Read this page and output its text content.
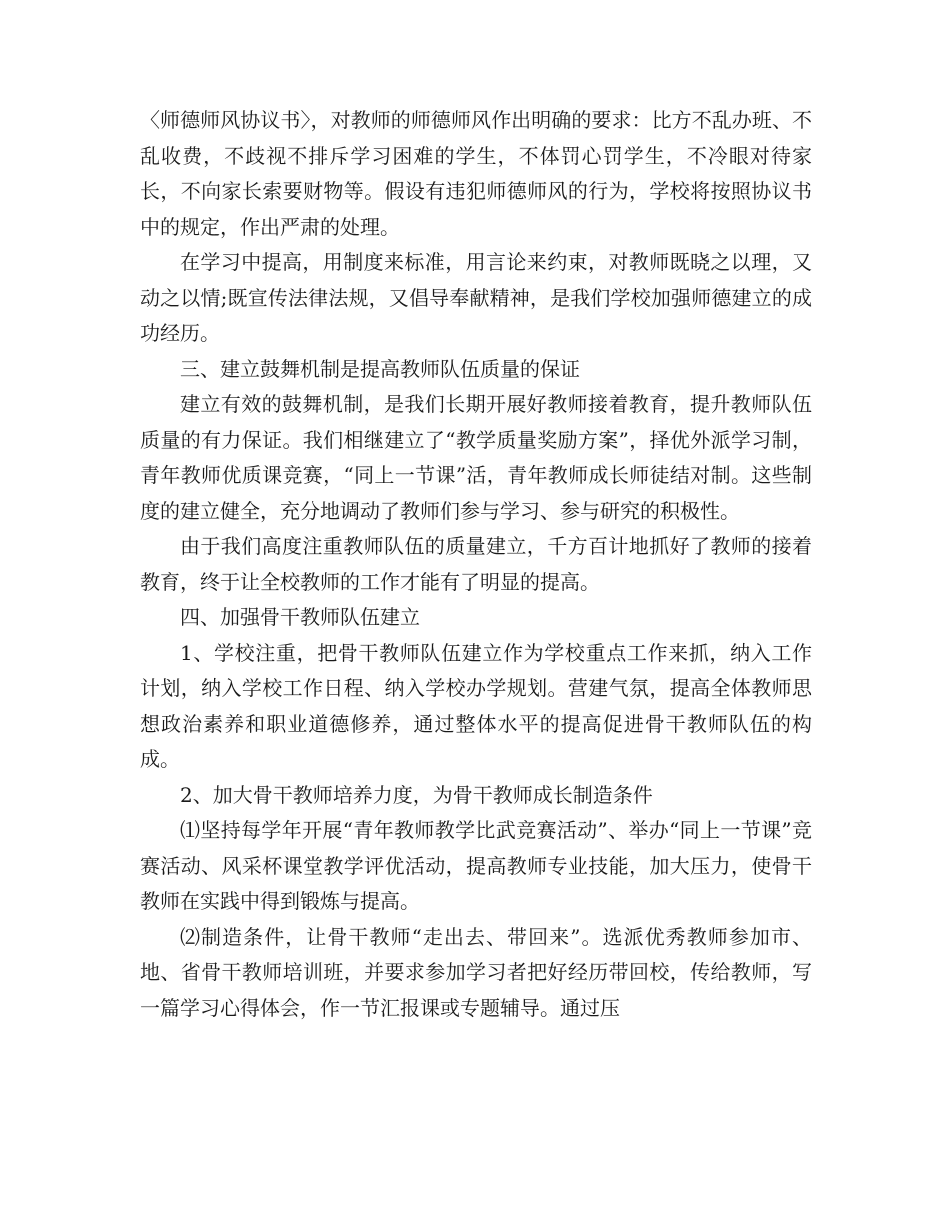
〈师德师风协议书〉，对教师的师德师风作出明确的要求：比方不乱办班、不乱收费，不歧视不排斥学习困难的学生，不体罚心罚学生，不冷眼对待家长，不向家长索要财物等。假设有违犯师德师风的行为，学校将按照协议书中的规定，作出严肃的处理。

在学习中提高，用制度来标准，用言论来约束，对教师既晓之以理，又动之以情;既宣传法律法规，又倡导奉献精神，是我们学校加强师德建立的成功经历。

三、建立鼓舞机制是提高教师队伍质量的保证

建立有效的鼓舞机制，是我们长期开展好教师接着教育，提升教师队伍质量的有力保证。我们相继建立了“教学质量奖励方案”，择优外派学习制，青年教师优质课竞赛，“同上一节课”活，青年教师成长师徒结对制。这些制度的建立健全，充分地调动了教师们参与学习、参与研究的积极性。

由于我们高度注重教师队伍的质量建立，千方百计地抓好了教师的接着教育，终于让全校教师的工作才能有了明显的提高。

四、加强骨干教师队伍建立

1、学校注重，把骨干教师队伍建立作为学校重点工作来抓，纳入工作计划，纳入学校工作日程、纳入学校办学规划。营建气氛，提高全体教师思想政治素养和职业道德修养，通过整体水平的提高促进骨干教师队伍的构成。

2、加大骨干教师培养力度，为骨干教师成长制造条件

⑴坚持每学年开展“青年教师教学比武竞赛活动”、举办“同上一节课”竞赛活动、风采杯课堂教学评优活动，提高教师专业技能，加大压力，使骨干教师在实践中得到锻炼与提高。

⑵制造条件，让骨干教师“走出去、带回来”。选派优秀教师参加市、地、省骨干教师培训班，并要求参加学习者把好经历带回校，传给教师，写一篇学习心得体会，作一节汇报课或专题辅导。通过压
